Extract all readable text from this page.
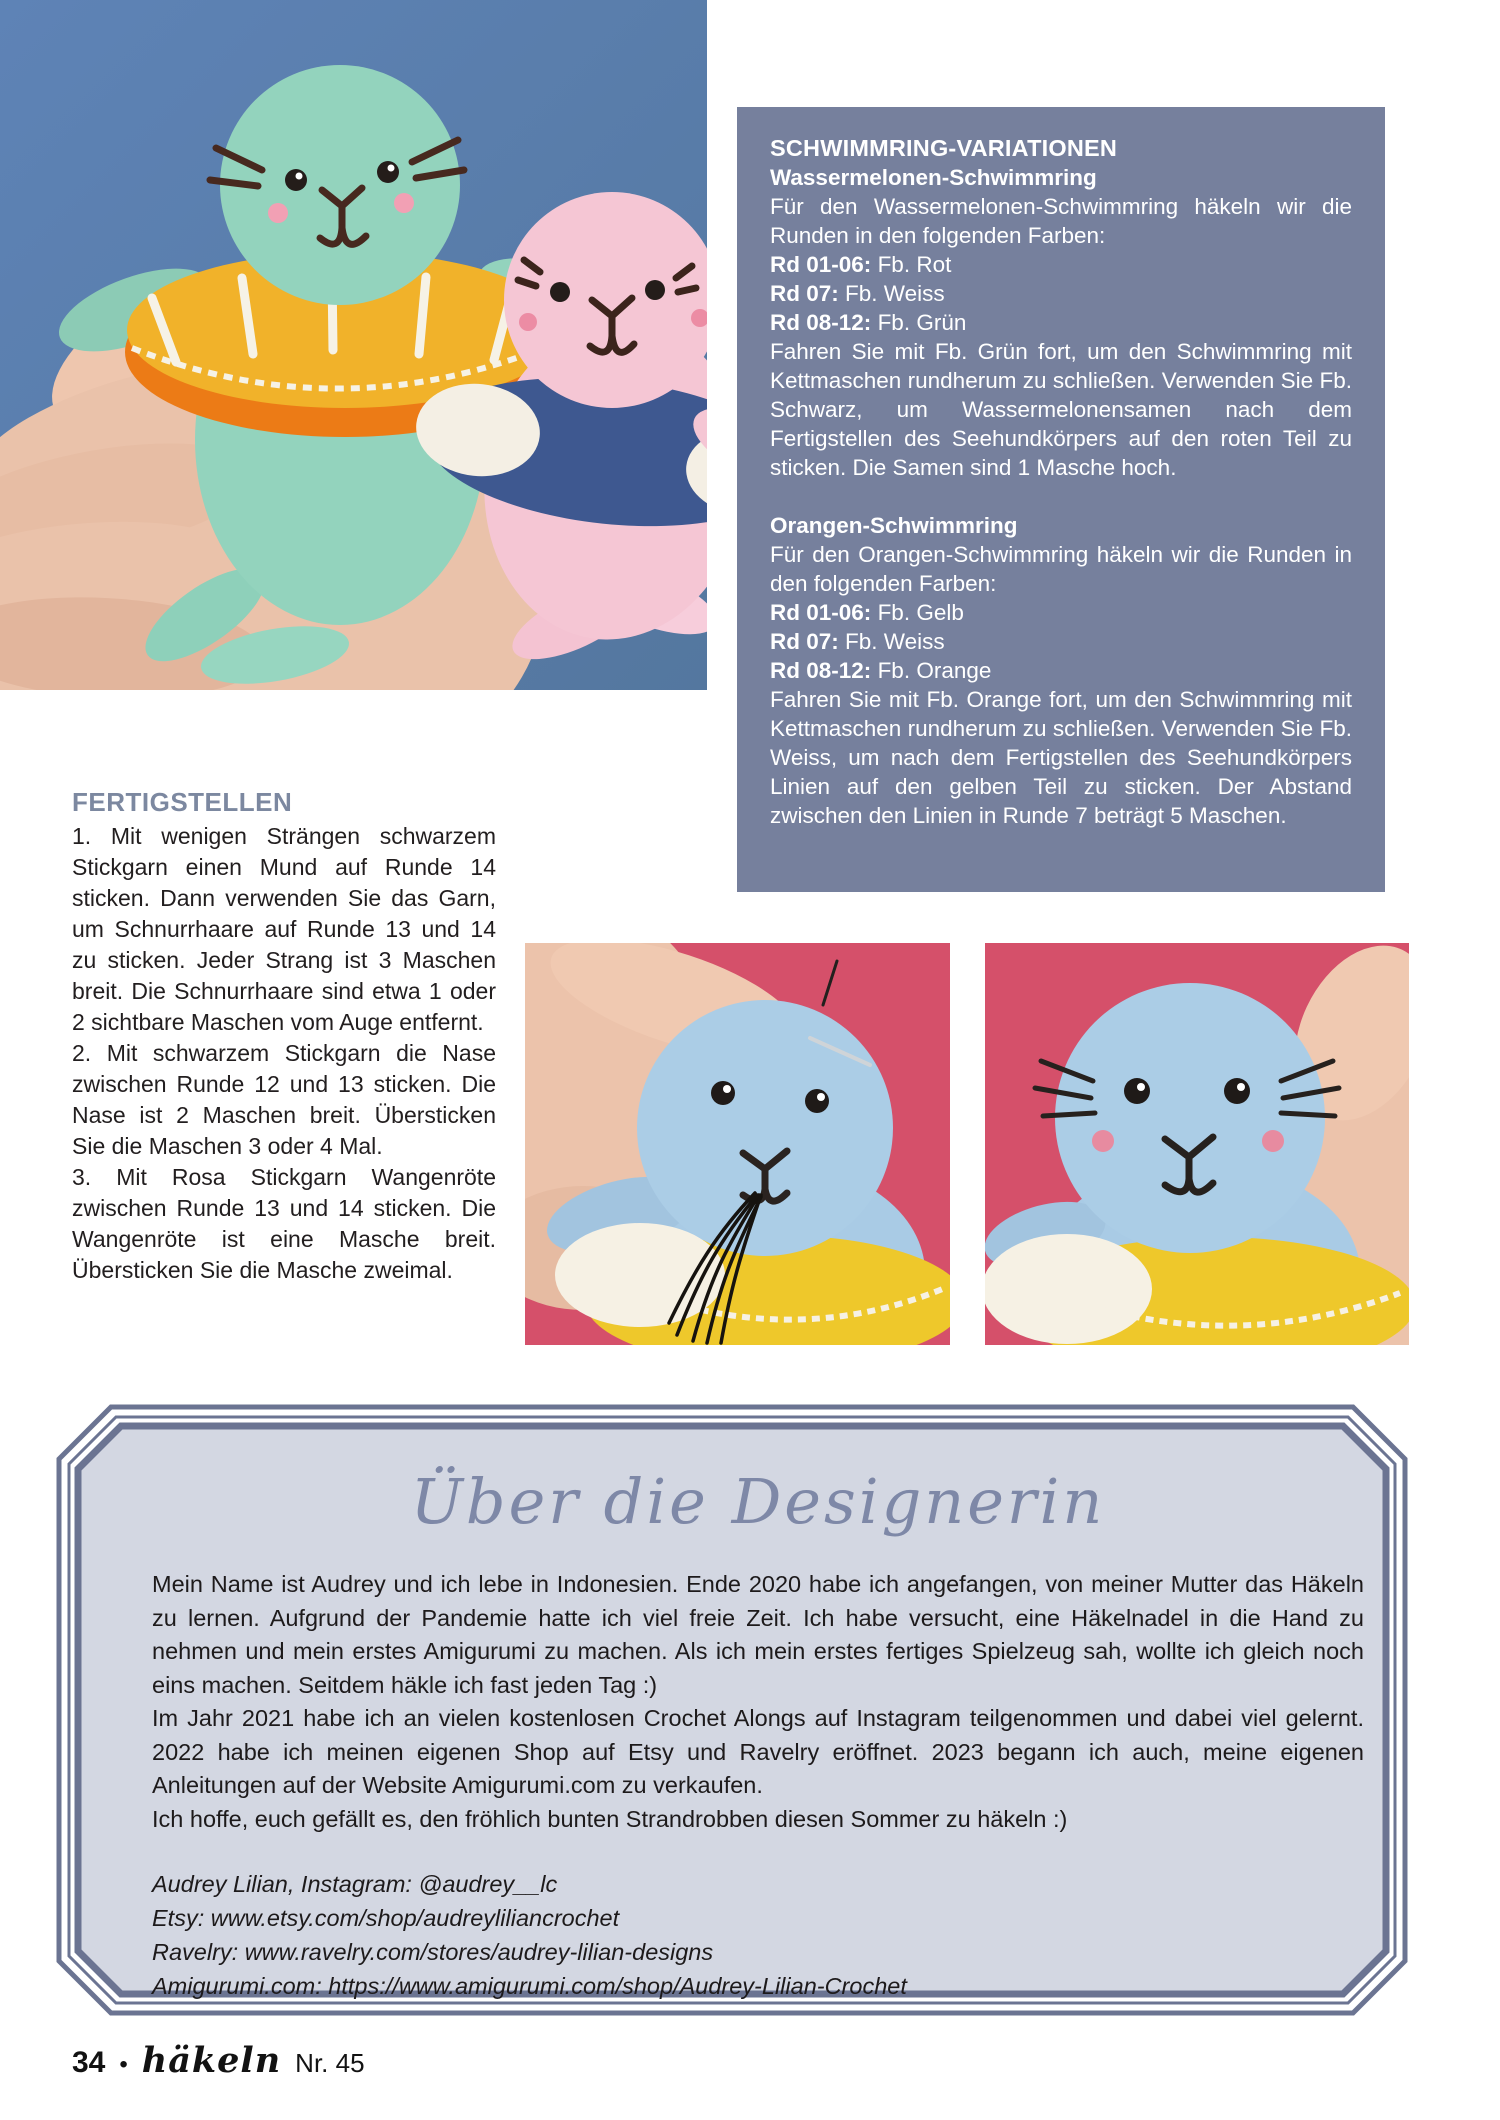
SCHWIMMRING-VARIATIONEN
Wassermelonen-Schwimmring

Für den Wassermelonen-Schwimmring häkeln wir die Runden in den folgenden Farben:

Rd 01-06: Fb. Rot
Rd 07: Fb. Weiss
Rd 08-12: Fb. Grün

Fahren Sie mit Fb. Grün fort, um den Schwimmring mit Kettmaschen rundherum zu schließen. Verwenden Sie Fb. Schwarz, um Wassermelonensamen nach dem Fertigstellen des Seehundkörpers auf den roten Teil zu sticken. Die Samen sind 1 Masche hoch.

Orangen-Schwimmring

Für den Orangen-Schwimmring häkeln wir die Runden in den folgenden Farben:

Rd 01-06: Fb. Gelb
Rd 07: Fb. Weiss
Rd 08-12: Fb. Orange

Fahren Sie mit Fb. Orange fort, um den Schwimmring mit Kettmaschen rundherum zu schließen. Verwenden Sie Fb. Weiss, um nach dem Fertigstellen des Seehundkörpers Linien auf den gelben Teil zu sticken. Der Abstand zwischen den Linien in Runde 7 beträgt 5 Maschen.

FERTIGSTELLEN

1. Mit wenigen Strängen schwarzem Stickgarn einen Mund auf Runde 14 sticken. Dann verwenden Sie das Garn, um Schnurrhaare auf Runde 13 und 14 zu sticken. Jeder Strang ist 3 Maschen breit. Die Schnurrhaare sind etwa 1 oder 2 sichtbare Maschen vom Auge entfernt.

2. Mit schwarzem Stickgarn die Nase zwischen Runde 12 und 13 sticken. Die Nase ist 2 Maschen breit. Übersticken Sie die Maschen 3 oder 4 Mal.

3. Mit Rosa Stickgarn Wangenröte zwischen Runde 13 und 14 sticken. Die Wangenröte ist eine Masche breit. Übersticken Sie die Masche zweimal.

Über die Designerin

Mein Name ist Audrey und ich lebe in Indonesien. Ende 2020 habe ich angefangen, von meiner Mutter das Häkeln zu lernen. Aufgrund der Pandemie hatte ich viel freie Zeit. Ich habe versucht, eine Häkelnadel in die Hand zu nehmen und mein erstes Amigurumi zu machen. Als ich mein erstes fertiges Spielzeug sah, wollte ich gleich noch eins machen. Seitdem häkle ich fast jeden Tag :)

Im Jahr 2021 habe ich an vielen kostenlosen Crochet Alongs auf Instagram teilgenommen und dabei viel gelernt. 2022 habe ich meinen eigenen Shop auf Etsy und Ravelry eröffnet. 2023 begann ich auch, meine eigenen Anleitungen auf der Website Amigurumi.com zu verkaufen.

Ich hoffe, euch gefällt es, den fröhlich bunten Strandrobben diesen Sommer zu häkeln :)

Audrey Lilian, Instagram: @audrey__lc

Etsy: www.etsy.com/shop/audreyliliancrochet

Ravelry: www.ravelry.com/stores/audrey-lilian-designs

Amigurumi.com: https://www.amigurumi.com/shop/Audrey-Lilian-Crochet

34 • häkeln Nr. 45
